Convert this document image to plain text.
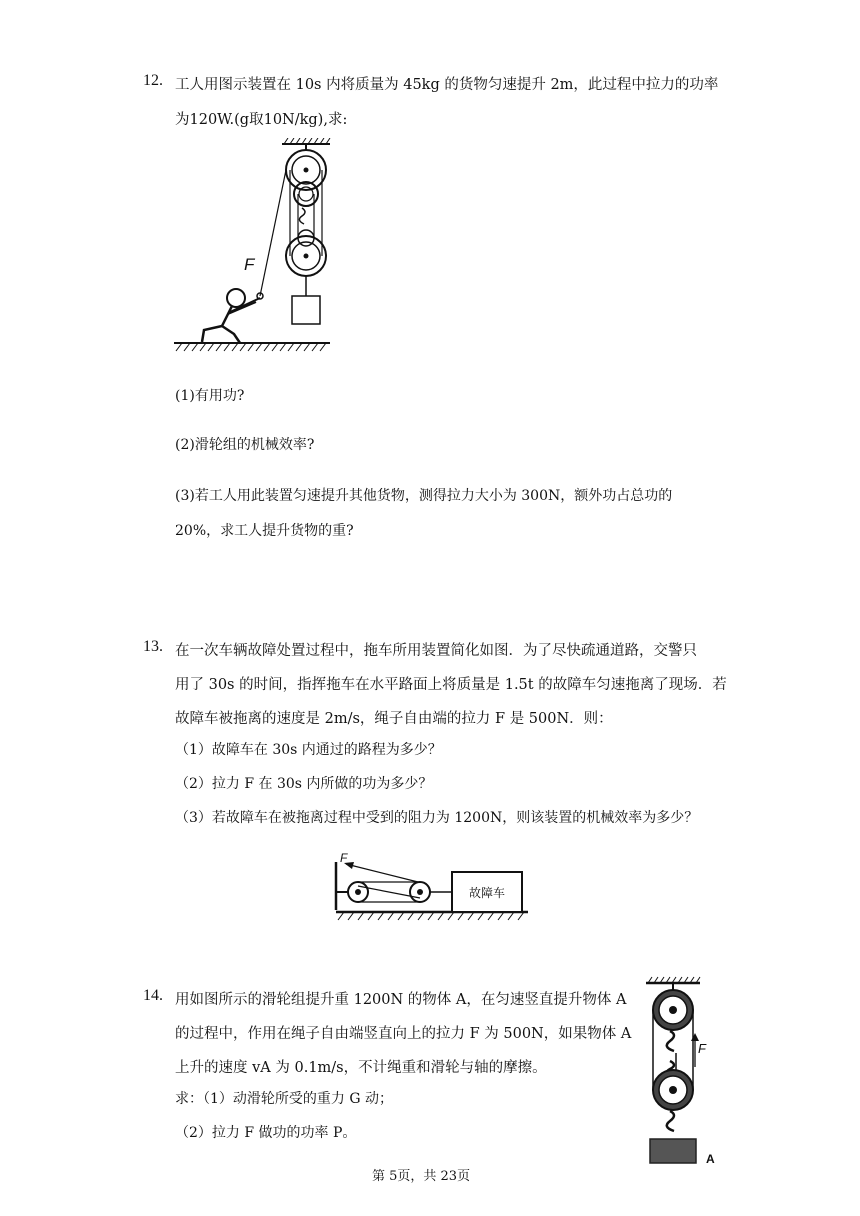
12. 工人用图示装置在 10s 内将质量为 45kg 的货物匀速提升 2m，此过程中拉力的功率
为120W.(g取10N/kg),求:
F
(1)有用功?
(2)滑轮组的机械效率?
(3)若工人用此装置匀速提升其他货物，测得拉力大小为 300N，额外功占总功的
20%，求工人提升货物的重?
13. 在一次车辆故障处置过程中，拖车所用装置简化如图．为了尽快疏通道路，交警只
用了 30s 的时间，指挥拖车在水平路面上将质量是 1.5t 的故障车匀速拖离了现场．若
故障车被拖离的速度是 2m/s，绳子自由端的拉力 F 是 500N．则：
（1）故障车在 30s 内通过的路程为多少？
（2）拉力 F 在 30s 内所做的功为多少？
（3）若故障车在被拖离过程中受到的阻力为 1200N，则该装置的机械效率为多少？
F
故障车
14. 用如图所示的滑轮组提升重 1200N 的物体 A，在匀速竖直提升物体 A
的过程中，作用在绳子自由端竖直向上的拉力 F 为 500N，如果物体 A
上升的速度 vA 为 0.1m/s，不计绳重和滑轮与轴的摩擦。
求：（1）动滑轮所受的重力 G 动；
（2）拉力 F 做功的功率 P。
F
A
第 5页，共 23页
